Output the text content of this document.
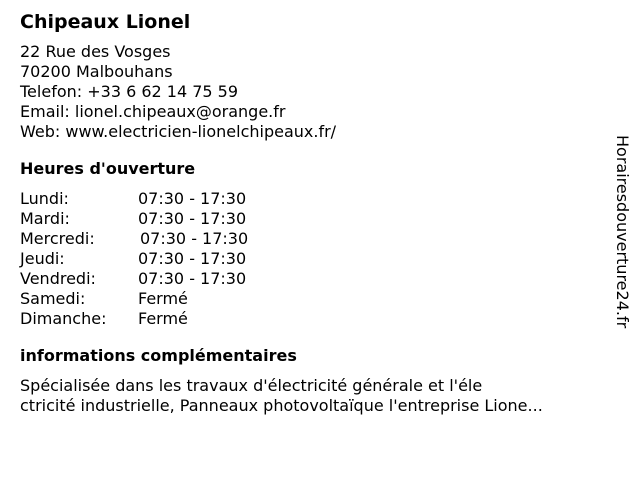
Chipeaux Lionel
22 Rue des Vosges
70200 Malbouhans
Telefon: +33 6 62 14 75 59
Email: lionel.chipeaux@orange.fr
Web: www.electricien-lionelchipeaux.fr/
Heures d'ouverture
Lundi:	07:30 - 17:30
Mardi:	07:30 - 17:30
Mercredi:	07:30 - 17:30
Jeudi:	07:30 - 17:30
Vendredi:	07:30 - 17:30
Samedi:	Fermé
Dimanche:	Fermé
informations complémentaires
Spécialisée dans les travaux d'électricité générale et l'éle
ctricité industrielle, Panneaux photovoltaïque l'entreprise Lione...
Horairesdouverture24.fr
